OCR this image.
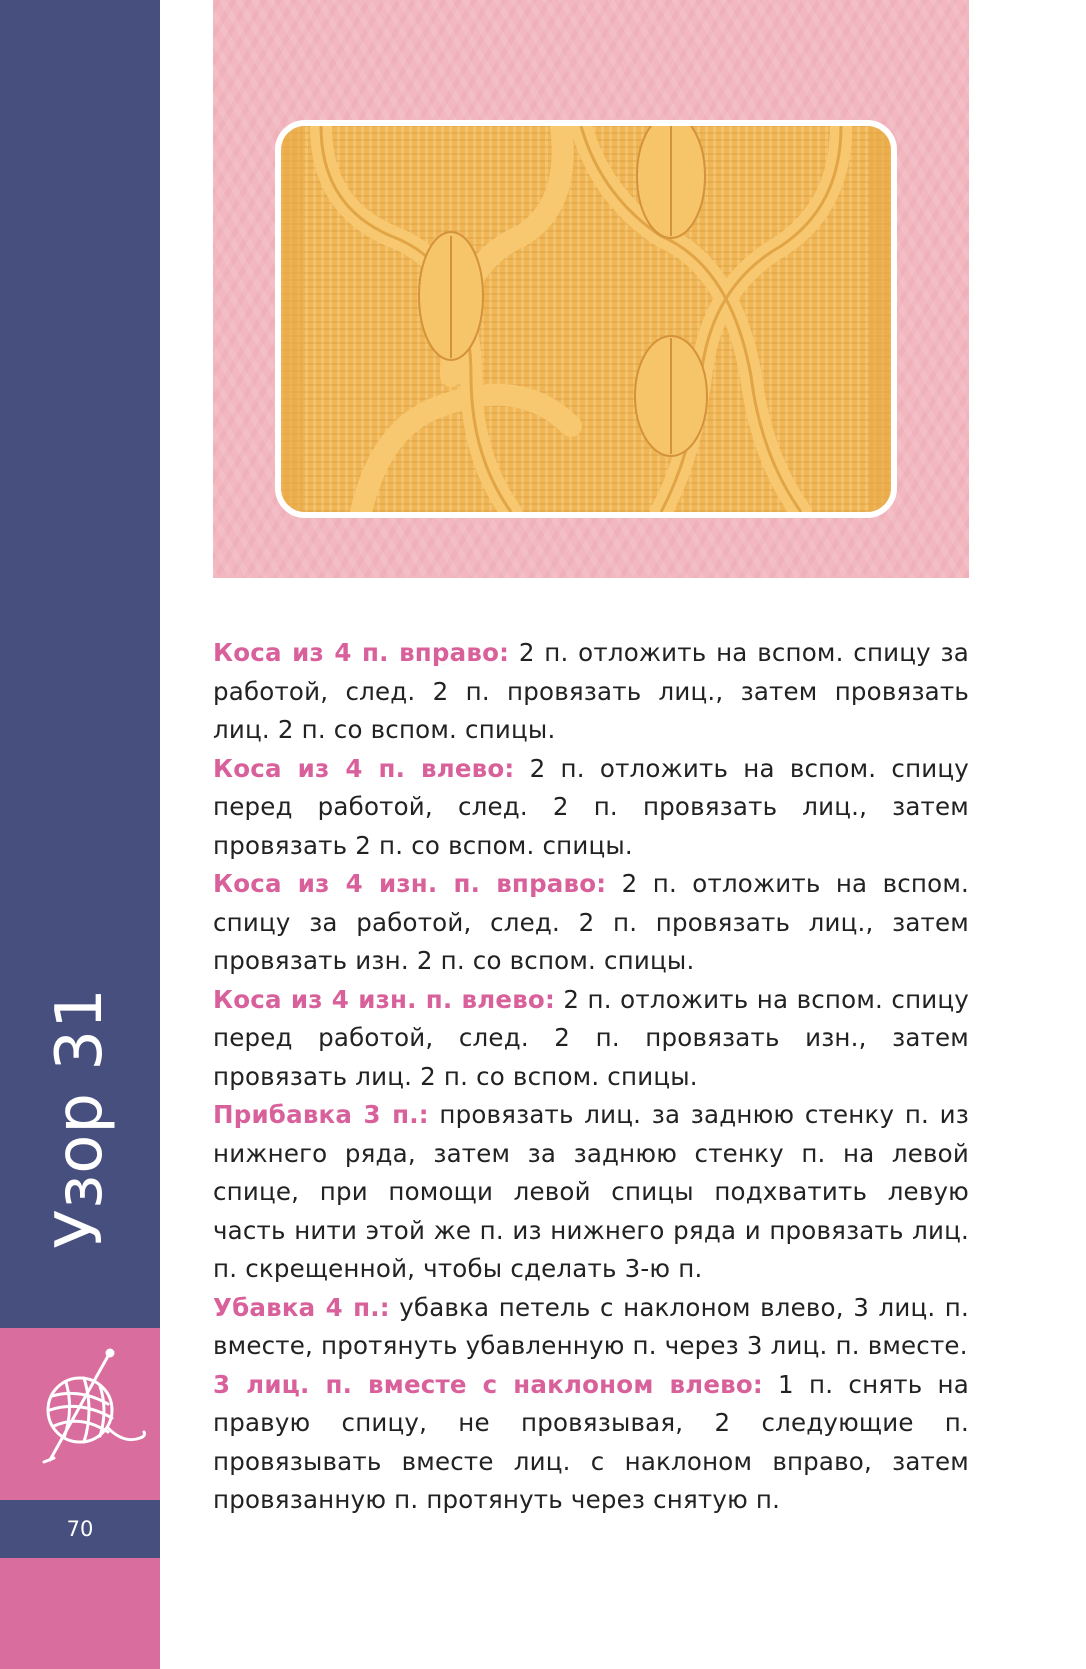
Узор 31
70

Коса из 4 п. вправо: 2 п. отложить на вспом. спицу за работой, след. 2 п. провязать лиц., затем провязать лиц. 2 п. со вспом. спицы.

Коса из 4 п. влево: 2 п. отложить на вспом. спицу перед работой, след. 2 п. провязать лиц., затем провязать 2 п. со вспом. спицы.

Коса из 4 изн. п. вправо: 2 п. отложить на вспом. спицу за работой, след. 2 п. провязать лиц., затем провязать изн. 2 п. со вспом. спицы.

Коса из 4 изн. п. влево: 2 п. отложить на вспом. спицу перед работой, след. 2 п. провязать изн., затем провязать лиц. 2 п. со вспом. спицы.

Прибавка 3 п.: провязать лиц. за заднюю стенку п. из нижнего ряда, затем за заднюю стенку п. на левой спице, при помощи левой спицы подхватить левую часть нити этой же п. из нижнего ряда и провязать лиц. п. скрещенной, чтобы сделать 3-ю п.

Убавка 4 п.: убавка петель с наклоном влево, 3 лиц. п. вместе, протянуть убавленную п. через 3 лиц. п. вместе.

3 лиц. п. вместе с наклоном влево: 1 п. снять на правую спицу, не провязывая, 2 следующие п. провязывать вместе лиц. с наклоном вправо, затем провязанную п. протянуть через снятую п.
